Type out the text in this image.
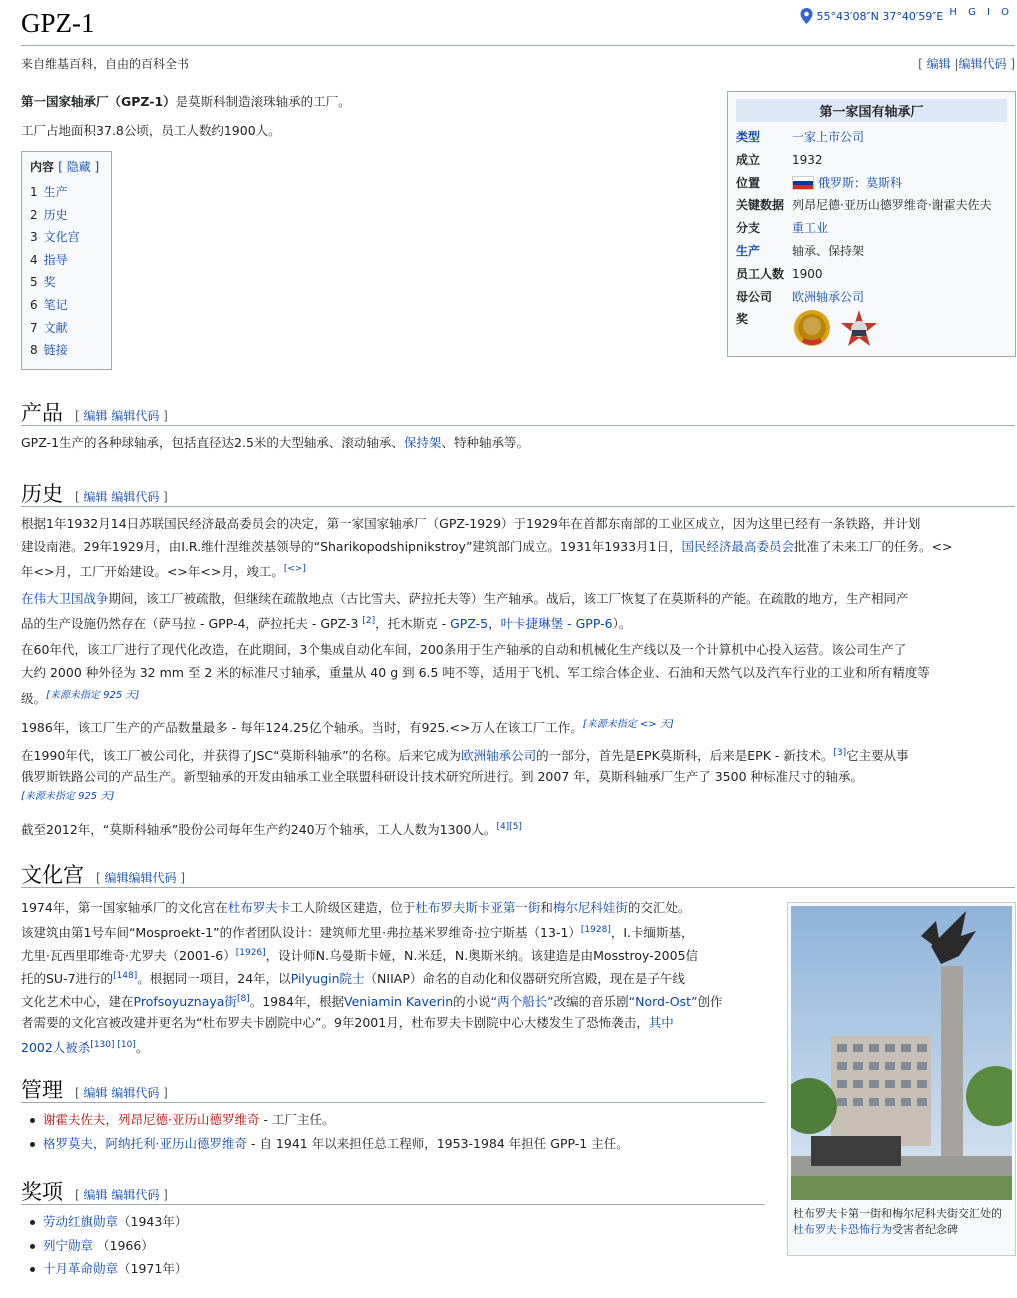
GPZ-1	55°43′08″N 37°40′59″E H G I O
来自维基百科，自由的百科全书	[ 编辑 |编辑代码 ]
第一国家轴承厂（GPZ-1）是莫斯科制造滚珠轴承的工厂。
工厂占地面积37.8公顷，员工人数约1900人。
内容 [ 隐藏 ]
1 生产
2 历史
3 文化宫
4 指导
5 奖
6 笔记
7 文献
8 链接
第一家国有轴承厂
类型	一家上市公司
成立	1932
位置	俄罗斯：莫斯科
关键数据 列昂尼德·亚历山德罗维奇·谢霍夫佐夫
分支	重工业
生产	轴承、保持架
员工人数 1900
母公司	欧洲轴承公司
奖
产品 [ 编辑 编辑代码 ]
GPZ-1生产的各种球轴承，包括直径达2.5米的大型轴承、滚动轴承、保持架、特种轴承等。
历史 [ 编辑 编辑代码 ]
根据1年1932月14日苏联国民经济最高委员会的决定，第一家国家轴承厂（GPZ-1929）于1929年在首都东南部的工业区成立，因为这里已经有一条铁路，并计划
建设南港。29年1929月，由I.R.维什涅维茨基领导的“Sharikopodshipnikstroy”建筑部门成立。1931年1933月1日，国民经济最高委员会批准了未来工厂的任务。<>
年<>月，工厂开始建设。<>年<>月，竣工。[<>]
在伟大卫国战争期间，该工厂被疏散，但继续在疏散地点（古比雪夫、萨拉托夫等）生产轴承。战后，该工厂恢复了在莫斯科的产能。在疏散的地方，生产相同产
品的生产设施仍然存在（萨马拉 - GPP-4，萨拉托夫 - GPZ-3 [2]，托木斯克 - GPZ-5，叶卡捷琳堡 - GPP-6）。
在60年代，该工厂进行了现代化改造，在此期间，3个集成自动化车间，200条用于生产轴承的自动和机械化生产线以及一个计算机中心投入运营。该公司生产了
大约 2000 种外径为 32 mm 至 2 米的标准尺寸轴承，重量从 40 g 到 6.5 吨不等，适用于飞机、军工综合体企业、石油和天然气以及汽车行业的工业和所有精度等
级。[来源未指定 925 天]
1986年，该工厂生产的产品数量最多 - 每年124.25亿个轴承。当时，有925.<>万人在该工厂工作。[来源未指定 <> 天]
在1990年代，该工厂被公司化，并获得了JSC“莫斯科轴承”的名称。后来它成为欧洲轴承公司的一部分，首先是EPK莫斯科，后来是EPK - 新技术。[3]它主要从事
俄罗斯铁路公司的产品生产。新型轴承的开发由轴承工业全联盟科研设计技术研究所进行。到 2007 年，莫斯科轴承厂生产了 3500 种标准尺寸的轴承。
[来源未指定 925 天]
截至2012年，“莫斯科轴承”股份公司每年生产约240万个轴承，工人人数为1300人。[4][5]
文化宫 [ 编辑编辑代码 ]
1974年，第一国家轴承厂的文化宫在杜布罗夫卡工人阶级区建造，位于杜布罗夫斯卡亚第一街和梅尔尼科娃街的交汇处。
该建筑由第1号车间“Mosproekt-1”的作者团队设计：建筑师尤里·弗拉基米罗维奇·拉宁斯基（13-1）[1928]，I.卡缅斯基，
尤里·瓦西里耶维奇·尤罗夫（2001-6）[1926]，设计师N.乌曼斯卡娅，N.米廷，N.奥斯米纳。该建造是由Mosstroy-2005信
托的SU-7进行的[148]。根据同一项目，24年，以Pilyugin院士（NIIAP）命名的自动化和仪器研究所宫殿，现在是子午线
文化艺术中心，建在Profsoyuznaya街[8]。1984年，根据Veniamin Kaverin的小说“两个船长”改编的音乐剧“Nord-Ost”创作
者需要的文化宫被改建并更名为“杜布罗夫卡剧院中心”。9年2001月，杜布罗夫卡剧院中心大楼发生了恐怖袭击，其中
2002人被杀[130] [10]。
杜布罗夫卡第一街和梅尔尼科夫街交汇处的杜布罗夫卡恐怖行为受害者纪念碑
管理 [ 编辑 编辑代码 ]
谢霍夫佐夫，列昂尼德·亚历山德罗维奇 - 工厂主任。
格罗莫夫，阿纳托利·亚历山德罗维奇 - 自 1941 年以来担任总工程师，1953-1984 年担任 GPP-1 主任。
奖项 [ 编辑 编辑代码 ]
劳动红旗勋章（1943年）
列宁勋章 （1966）
十月革命勋章（1971年）
